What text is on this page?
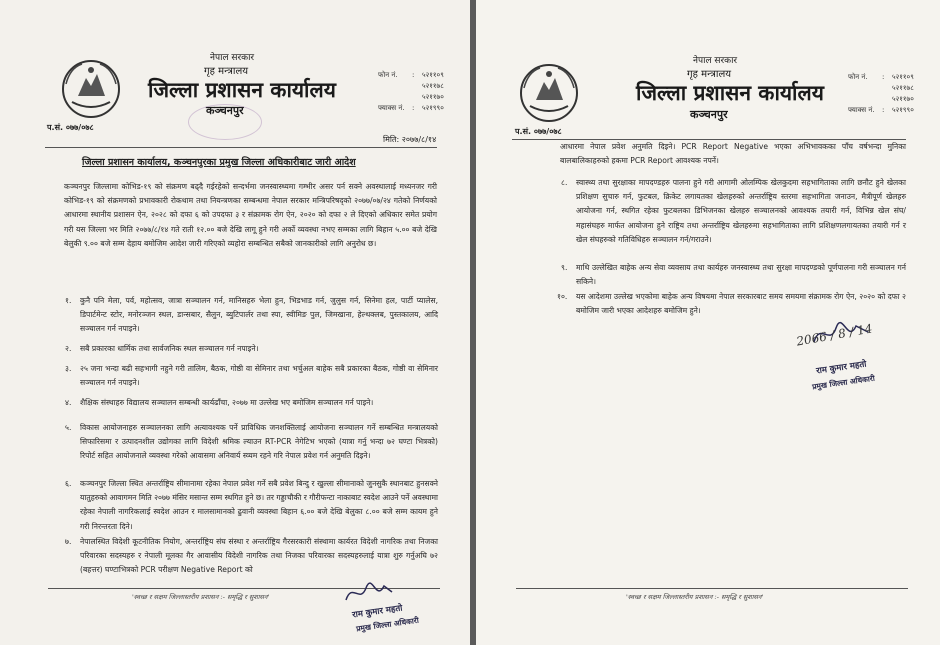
नेपाल सरकार
गृह मन्त्रालय
जिल्ला प्रशासन कार्यालय
कञ्चनपुर
फोन नं.	:	५२११०९
५२११७८
५२११७०
फ्याक्स नं.	:	५२१९९०
प.सं. ०७७/०७८
मिति: २०७७/८/१४
जिल्ला प्रशासन कार्यालय, कञ्चनपुरका प्रमुख जिल्ला अधिकारीबाट जारी आदेश
कञ्चनपुर जिल्लामा कोभिड-१९ को संक्रमण बढ्दै गईरहेको सन्दर्भमा जनस्वास्थ्यमा गम्भीर असर पर्न सक्ने अवस्थालाई मध्यनजर गरी कोभिड-१९ को संक्रमणको प्रभावकारी रोकथाम तथा नियन्त्रणका सम्बन्धमा नेपाल सरकार मन्त्रिपरिषद्को २०७७/०७/२४ गतेको निर्णयको आधारमा स्थानीय प्रशासन ऐन, २०२८ को दफा ६ को उपदफा ३ र संक्रामक रोग ऐन, २०२० को दफा २ ले दिएको अधिकार समेत प्रयोग गरी यस जिल्ला भर मिति २०७७/८/१४ गते राती १२.०० बजे देखि लागू हुने गरी अर्को व्यवस्था नभए सम्मका लागि बिहान ५.०० बजे देखि बेलुकी ९.०० बजे सम्म देहाय बमोजिम आदेश जारी गरिएको व्यहोरा सम्बन्धित सबैको जानकारीको लागि अनुरोध छ।
१. कुनै पनि मेला, पर्व, महोत्सव, जात्रा सञ्चालन गर्न, मानिसहरु भेला हुन, भिडभाड गर्न, जुलुस गर्न, सिनेमा हल, पार्टी प्यालेस, डिपार्टमेन्ट स्टोर, मनोरञ्जन स्थल, डान्सबार, सैलुन, ब्युटिपार्लर तथा स्पा, स्वीमिङ पुल, जिमखाना, हेल्थक्लब, पुस्तकालय, आदि सञ्चालन गर्न नपाइने।
२. सबै प्रकारका धार्मिक तथा सार्वजनिक स्थल सञ्चालन गर्न नपाइने।
३. २५ जना भन्दा बढी सहभागी नहुने गरी तालिम, बैठक, गोष्ठी वा सेमिनार तथा भर्चुअल बाहेक सबै प्रकारका बैठक, गोष्ठी वा सेमिनार सञ्चालन गर्न नपाइने।
४. शैक्षिक संस्थाहरु विद्यालय सञ्चालन सम्बन्धी कार्यढाँचा, २०७७ मा उल्लेख भए बमोजिम सञ्चालन गर्न पाइने।
५. विकास आयोजनाहरु सञ्चालनका लागि अत्यावश्यक पर्ने प्राविधिक जनशक्तिलाई आयोजना सञ्चालन गर्ने सम्बन्धित मन्त्रालयको सिफारिसमा र उत्पादनशील उद्योगका लागि विदेशी श्रमिक ल्याउन RT-PCR नेगेटिभ भएको (यात्रा गर्नु भन्दा ७२ घण्टा भित्रको) रिपोर्ट सहित आयोजनाले व्यवस्था गरेको आवासमा अनिवार्य स्व्यम रहने गरि नेपाल प्रवेश गर्न अनुमति दिइने।
६. कञ्चनपुर जिल्ला स्थित अन्तर्राष्ट्रिय सीमानामा रहेका नेपाल प्रवेश गर्ने सबै प्रवेश बिन्दु र खुल्ला सीमानाको जुनसुकै स्थानबाट हुनसक्ने यातुहरुको आवागमन मिति २०७७ मंसिर मसान्त सम्म स्थगित हुने छ। तर गड्डाचौकी र गौरीफन्टा नाकाबाट स्वदेश आउने पर्ने अवस्थामा रहेका नेपाली नागरिकलाई स्वदेश आउन र मालसामानको ढुवानी व्यवस्था बिहान ६.०० बजे देखि बेलुका ८.०० बजे सम्म कायम हुने गरी निरन्तरता दिने।
७. नेपालस्थित विदेशी कूटनीतिक नियोग, अन्तर्राष्ट्रिय संघ संस्था र अन्तर्राष्ट्रिय गैरसरकारी संस्थामा कार्यरत विदेशी नागरिक तथा निजका परिवारका सदस्यहरु र नेपाली मूलका गैर आवासीय विदेशी नागरिक तथा निजका परिवारका सदस्यहरुलाई यात्रा शुरु गर्नुअघि ७२ (बहत्तर) घण्टाभित्रको PCR परीक्षण Negative Report को
'स्वच्छ र सक्षम जिल्लास्तरीय प्रशासन :- समृद्धि र सुशासन'
राम कुमार महतो
प्रमुख जिल्ला अधिकारी
नेपाल सरकार
गृह मन्त्रालय
जिल्ला प्रशासन कार्यालय
कञ्चनपुर
फोन नं.	:	५२११०९
५२११७८
५२११७०
फ्याक्स नं.	:	५२१९९०
प.सं. ०७७/०७८
आधारमा नेपाल प्रवेश अनुमति दिइने। PCR Report Negative भएका अभिभावकका पाँच वर्षभन्दा मुनिका बालबालिकाहरुको हकमा PCR Report आवश्यक नपर्ने।
८. स्वास्थ्य तथा सुरक्षाका मापदण्डहरु पालना हुने गरी आगामी ओलम्पिक खेलकुदमा सहभागिताका लागि छनौट हुने खेलका प्रशिक्षण सुचारु गर्न, फुटबल, क्रिकेट लगायतका खेलहरुको अन्तर्राष्ट्रिय स्तरमा सहभागिता जनाउन, मैत्रीपूर्ण खेलहरु आयोजना गर्न, स्थगित रहेका फुटबलका डिभिजनका खेलहरु सञ्चालनको आवश्यक तयारी गर्न, विभिन्न खेल संघ/महासंघहरु मार्फत आयोजना हुने राष्ट्रिय तथा अन्तर्राष्ट्रिय खेलहरुमा सहभागिताका लागि प्रशिक्षणलगायतका तयारी गर्न र खेल संघहरुको गतिविधिहरु सञ्चालन गर्न/गराउने।
९. माथि उल्लेखित बाहेक अन्य सेवा व्यवसाय तथा कार्यहरु जनस्वास्थ्य तथा सुरक्षा मापदण्डको पूर्णपालना गरी सञ्चालन गर्न सकिने।
१०. यस आदेशमा उल्लेख भएकोमा बाहेक अन्य विषयमा नेपाल सरकारबाट समय समयमा संक्रामक रोग ऐन, २०२० को दफा २ बमोजिम जारी भएका आदेशहरु बमोजिम हुने।
2066 / 8 / 14
राम कुमार महतो
प्रमुख जिल्ला अधिकारी
'स्वच्छ र सक्षम जिल्लास्तरीय प्रशासन :- समृद्धि र सुशासन'
